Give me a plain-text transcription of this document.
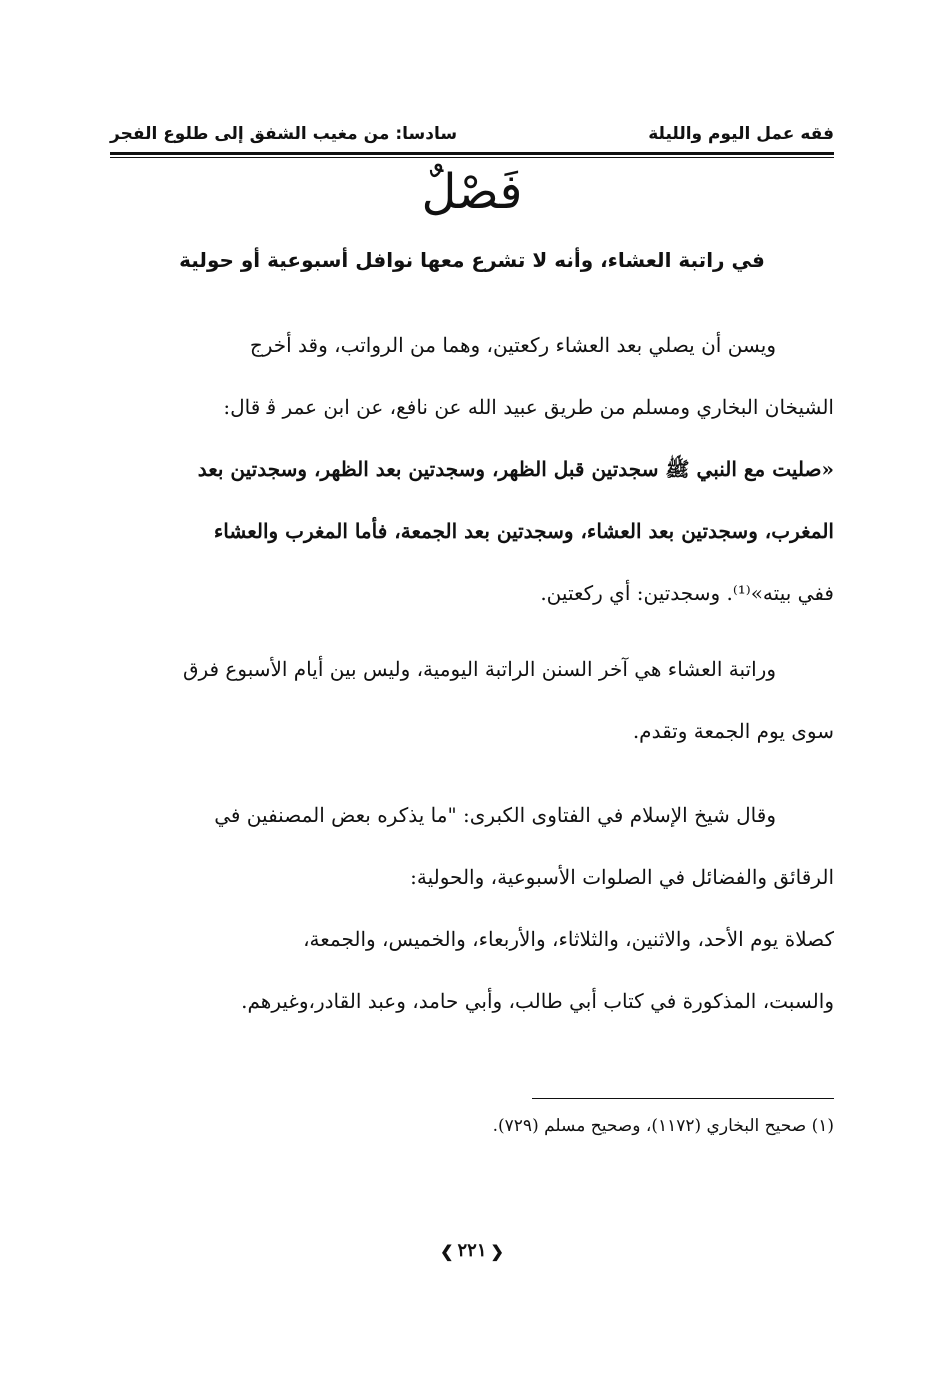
فقه عمل اليوم والليلة
سادسا: من مغيب الشفق إلى طلوع الفجر
فَصْلٌ
في راتبة العشاء، وأنه لا تشرع معها نوافل أسبوعية أو حولية
ويسن أن يصلي بعد العشاء ركعتين، وهما من الرواتب، وقد أخرج
الشيخان البخاري ومسلم من طريق عبيد الله عن نافع، عن ابن عمر ﭬ قال:
«صليت مع النبي ﷺ سجدتين قبل الظهر، وسجدتين بعد الظهر، وسجدتين بعد
المغرب، وسجدتين بعد العشاء، وسجدتين بعد الجمعة، فأما المغرب والعشاء
ففي بيته»⁽¹⁾. وسجدتين: أي ركعتين.
وراتبة العشاء هي آخر السنن الراتبة اليومية، وليس بين أيام الأسبوع فرق
سوى يوم الجمعة وتقدم.
وقال شيخ الإسلام في الفتاوى الكبرى: "ما يذكره بعض المصنفين في
الرقائق والفضائل في الصلوات الأسبوعية، والحولية:
كصلاة يوم الأحد، والاثنين، والثلاثاء، والأربعاء، والخميس، والجمعة،
والسبت، المذكورة في كتاب أبي طالب، وأبي حامد، وعبد القادر،وغيرهم.
(١) صحيح البخاري (١١٧٢)، وصحيح مسلم (٧٢٩).
❮٢٢١❯
